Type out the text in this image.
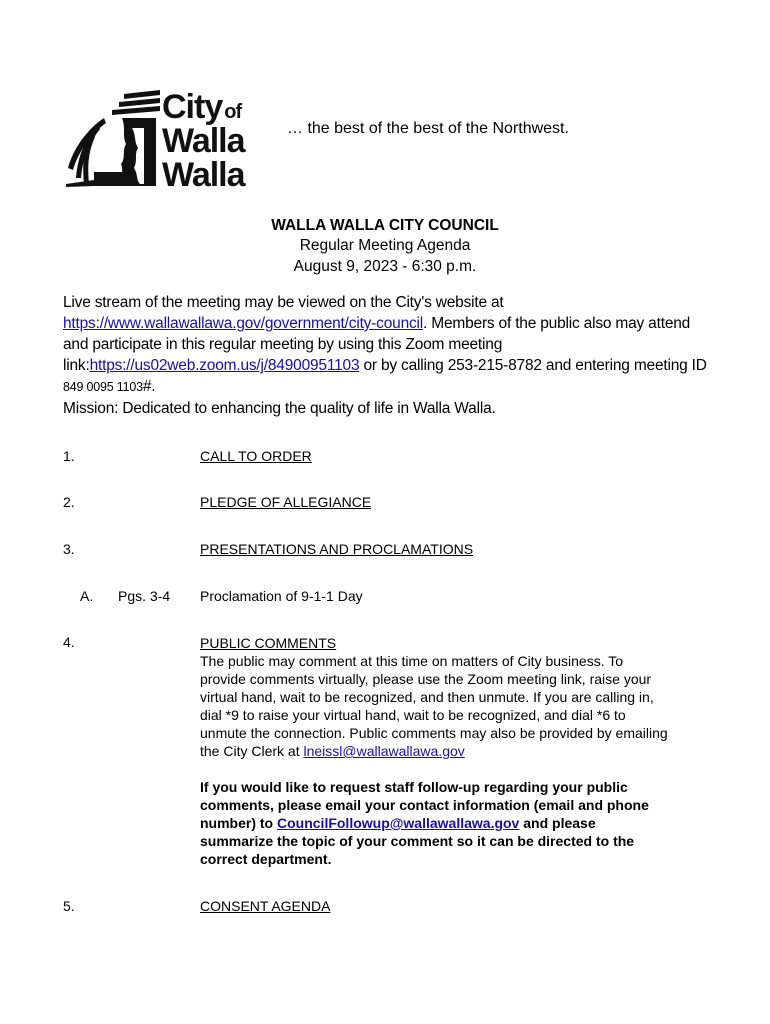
City of
Walla
Walla
… the best of the best of the Northwest.
WALLA WALLA CITY COUNCIL
Regular Meeting Agenda
August 9, 2023 - 6:30 p.m.
Live stream of the meeting may be viewed on the City's website at https://www.wallawallawa.gov/government/city-council. Members of the public also may attend and participate in this regular meeting by using this Zoom meeting link:https://us02web.zoom.us/j/84900951103 or by calling 253-215-8782 and entering meeting ID 849 0095 1103#.
Mission: Dedicated to enhancing the quality of life in Walla Walla.
1.	CALL TO ORDER
2.	PLEDGE OF ALLEGIANCE
3.	PRESENTATIONS AND PROCLAMATIONS
A. Pgs. 3-4 Proclamation of 9-1-1 Day
4.	PUBLIC COMMENTS
The public may comment at this time on matters of City business. To provide comments virtually, please use the Zoom meeting link, raise your virtual hand, wait to be recognized, and then unmute. If you are calling in, dial *9 to raise your virtual hand, wait to be recognized, and dial *6 to unmute the connection. Public comments may also be provided by emailing the City Clerk at lneissl@wallawallawa.gov
If you would like to request staff follow-up regarding your public comments, please email your contact information (email and phone number) to CouncilFollowup@wallawallawa.gov and please summarize the topic of your comment so it can be directed to the correct department.
5.	CONSENT AGENDA
